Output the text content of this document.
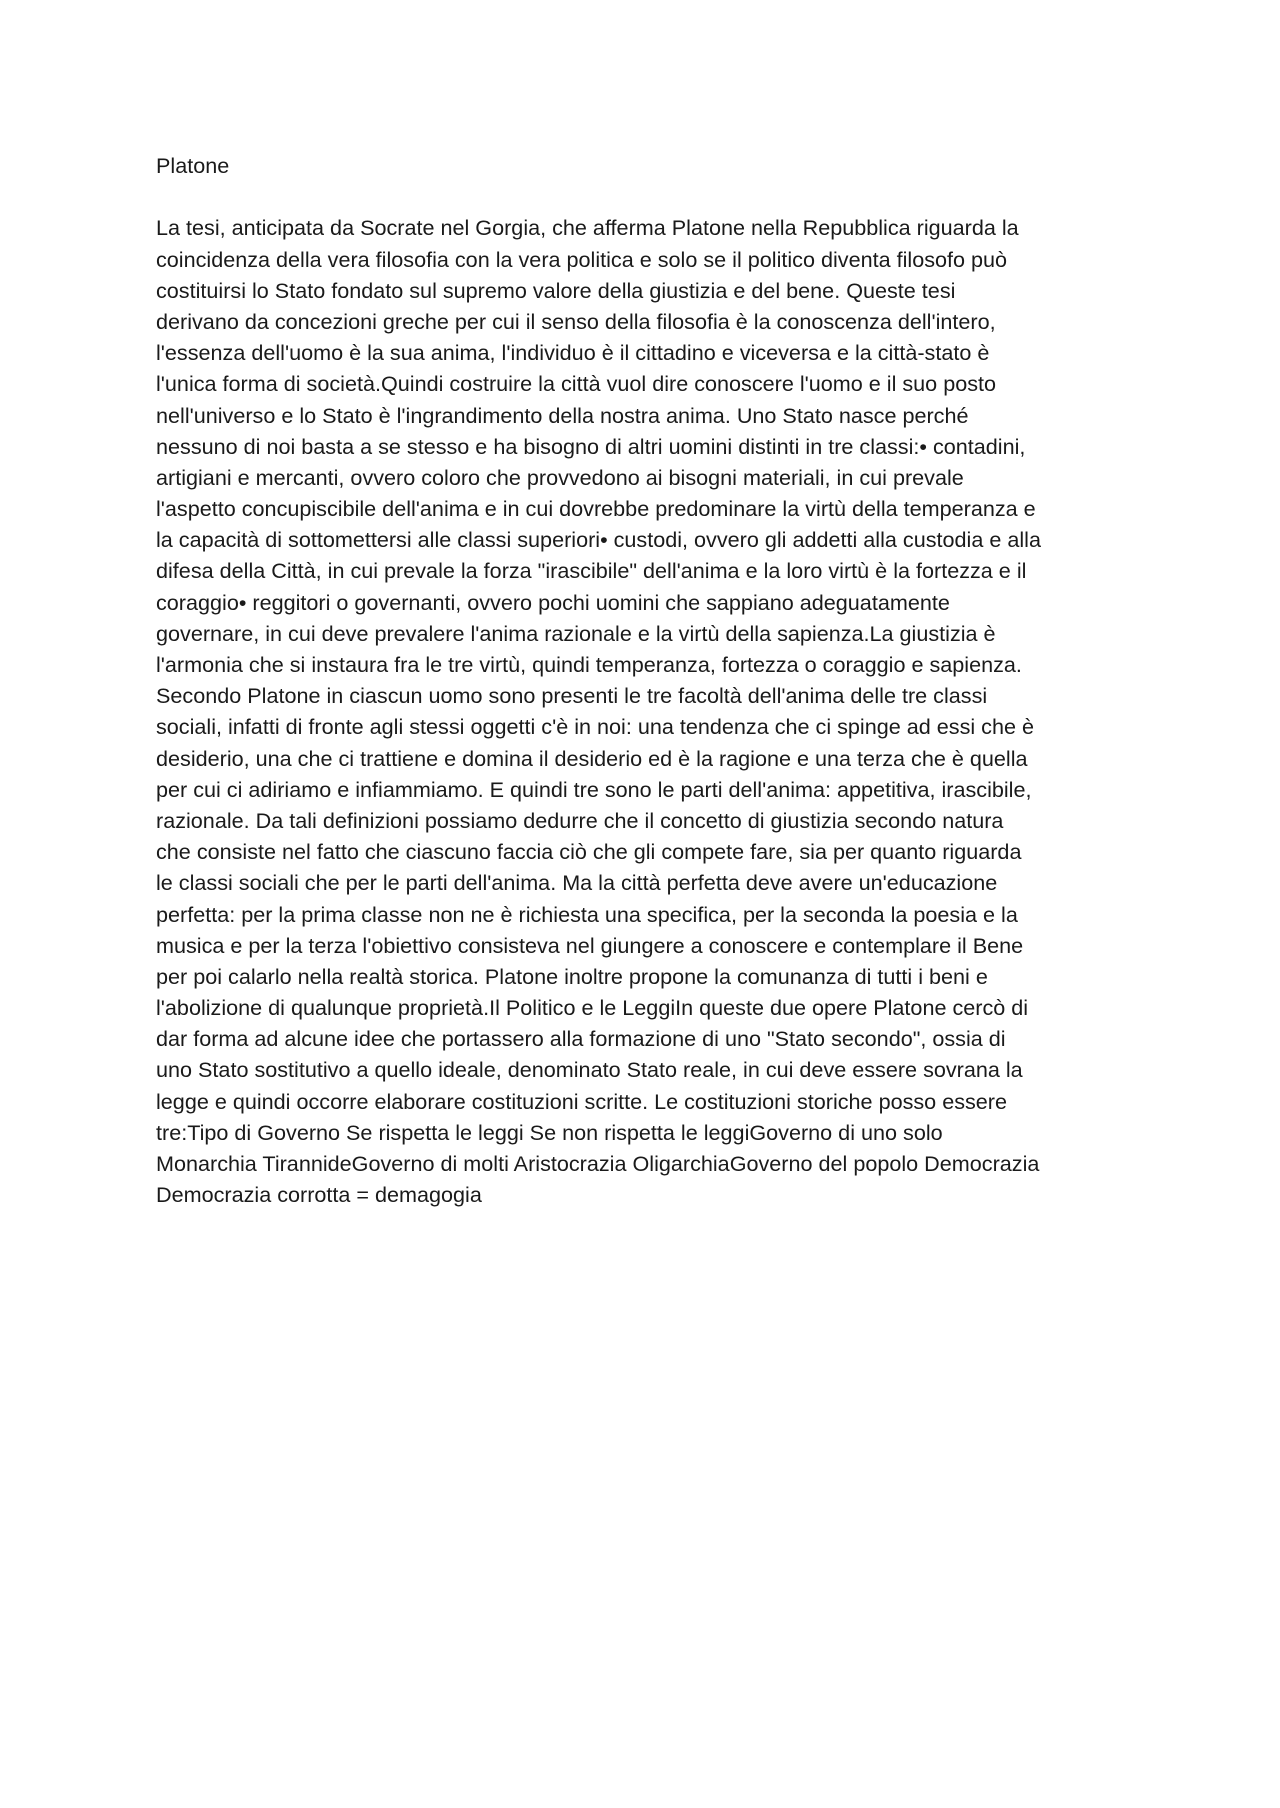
Platone

La tesi, anticipata da Socrate nel Gorgia, che afferma Platone nella Repubblica riguarda la
coincidenza della vera filosofia con la vera politica e solo se il politico diventa filosofo può
costituirsi lo Stato fondato sul supremo valore della giustizia e del bene. Queste tesi
derivano da concezioni greche per cui il senso della filosofia è la conoscenza dell'intero,
l'essenza dell'uomo è la sua anima, l'individuo è il cittadino e viceversa e la città-stato è
l'unica forma di società.Quindi costruire la città vuol dire conoscere l'uomo e il suo posto
nell'universo e lo Stato è l'ingrandimento della nostra anima. Uno Stato nasce perché
nessuno di noi basta a se stesso e ha bisogno di altri uomini distinti in tre classi:• contadini,
artigiani e mercanti, ovvero coloro che provvedono ai bisogni materiali, in cui prevale
l'aspetto concupiscibile dell'anima e in cui dovrebbe predominare la virtù della temperanza e
la capacità di sottomettersi alle classi superiori• custodi, ovvero gli addetti alla custodia e alla
difesa della Città, in cui prevale la forza "irascibile" dell'anima e la loro virtù è la fortezza e il
coraggio• reggitori o governanti, ovvero pochi uomini che sappiano adeguatamente
governare, in cui deve prevalere l'anima razionale e la virtù della sapienza.La giustizia è
l'armonia che si instaura fra le tre virtù, quindi temperanza, fortezza o coraggio e sapienza.
Secondo Platone in ciascun uomo sono presenti le tre facoltà dell'anima delle tre classi
sociali, infatti di fronte agli stessi oggetti c'è in noi: una tendenza che ci spinge ad essi che è
desiderio, una che ci trattiene e domina il desiderio ed è la ragione e una terza che è quella
per cui ci adiriamo e infiammiamo. E quindi tre sono le parti dell'anima: appetitiva, irascibile,
razionale. Da tali definizioni possiamo dedurre che il concetto di giustizia secondo natura
che consiste nel fatto che ciascuno faccia ciò che gli compete fare, sia per quanto riguarda
le classi sociali che per le parti dell'anima. Ma la città perfetta deve avere un'educazione
perfetta: per la prima classe non ne è richiesta una specifica, per la seconda la poesia e la
musica e per la terza l'obiettivo consisteva nel giungere a conoscere e contemplare il Bene
per poi calarlo nella realtà storica. Platone inoltre propone la comunanza di tutti i beni e
l'abolizione di qualunque proprietà.Il Politico e le LeggiIn queste due opere Platone cercò di
dar forma ad alcune idee che portassero alla formazione di uno "Stato secondo", ossia di
uno Stato sostitutivo a quello ideale, denominato Stato reale, in cui deve essere sovrana la
legge e quindi occorre elaborare costituzioni scritte. Le costituzioni storiche posso essere
tre:Tipo di Governo Se rispetta le leggi Se non rispetta le leggiGoverno di uno solo
Monarchia TirannideGoverno di molti Aristocrazia OligarchiaGoverno del popolo Democrazia
Democrazia corrotta = demagogia
